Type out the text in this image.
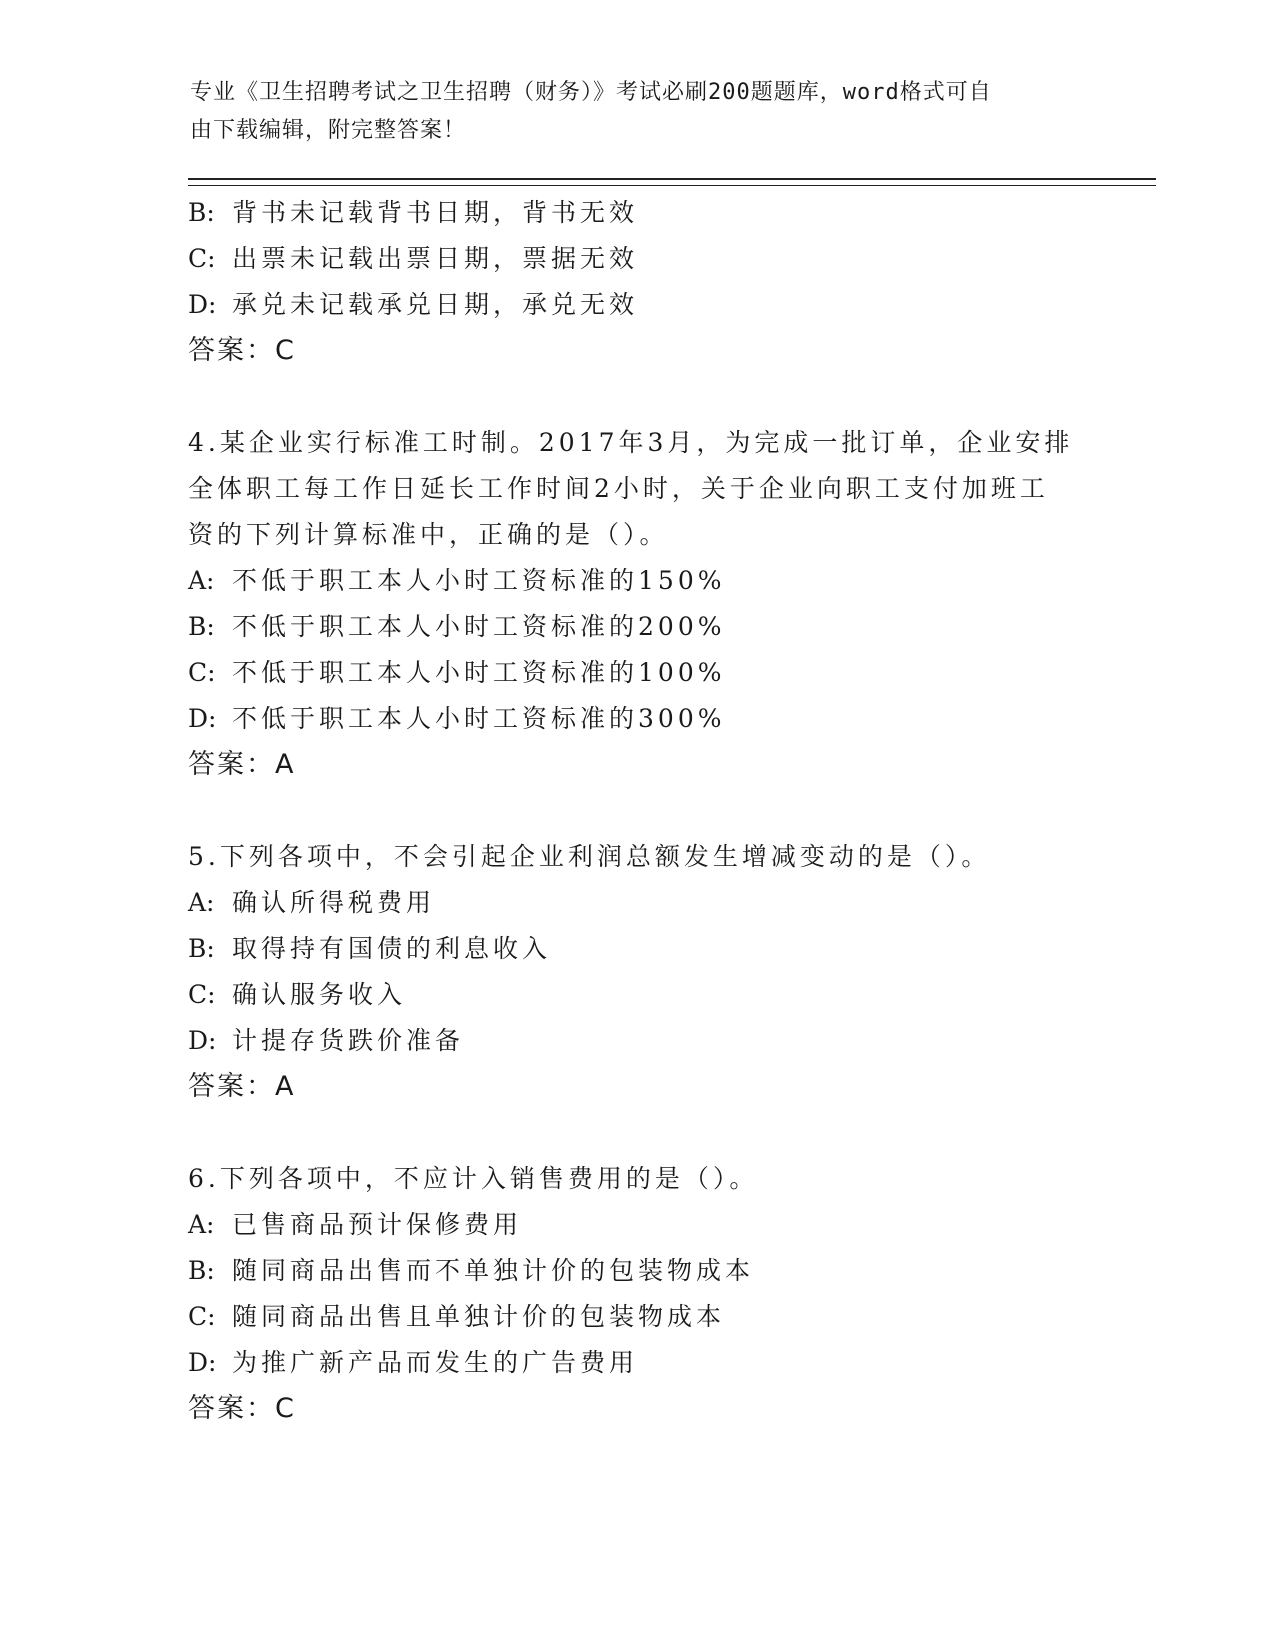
专业《卫生招聘考试之卫生招聘（财务）》考试必刷200题题库，word格式可自
由下载编辑，附完整答案！
B: 背书未记载背书日期，背书无效
C: 出票未记载出票日期，票据无效
D: 承兑未记载承兑日期，承兑无效
答案：C
4.某企业实行标准工时制。2017年3月，为完成一批订单，企业安排
全体职工每工作日延长工作时间2小时，关于企业向职工支付加班工
资的下列计算标准中，正确的是（）。
A: 不低于职工本人小时工资标准的150%
B: 不低于职工本人小时工资标准的200%
C: 不低于职工本人小时工资标准的100%
D: 不低于职工本人小时工资标准的300%
答案：A
5.下列各项中，不会引起企业利润总额发生增减变动的是（）。
A: 确认所得税费用
B: 取得持有国债的利息收入
C: 确认服务收入
D: 计提存货跌价准备
答案：A
6.下列各项中，不应计入销售费用的是（）。
A: 已售商品预计保修费用
B: 随同商品出售而不单独计价的包装物成本
C: 随同商品出售且单独计价的包装物成本
D: 为推广新产品而发生的广告费用
答案：C
